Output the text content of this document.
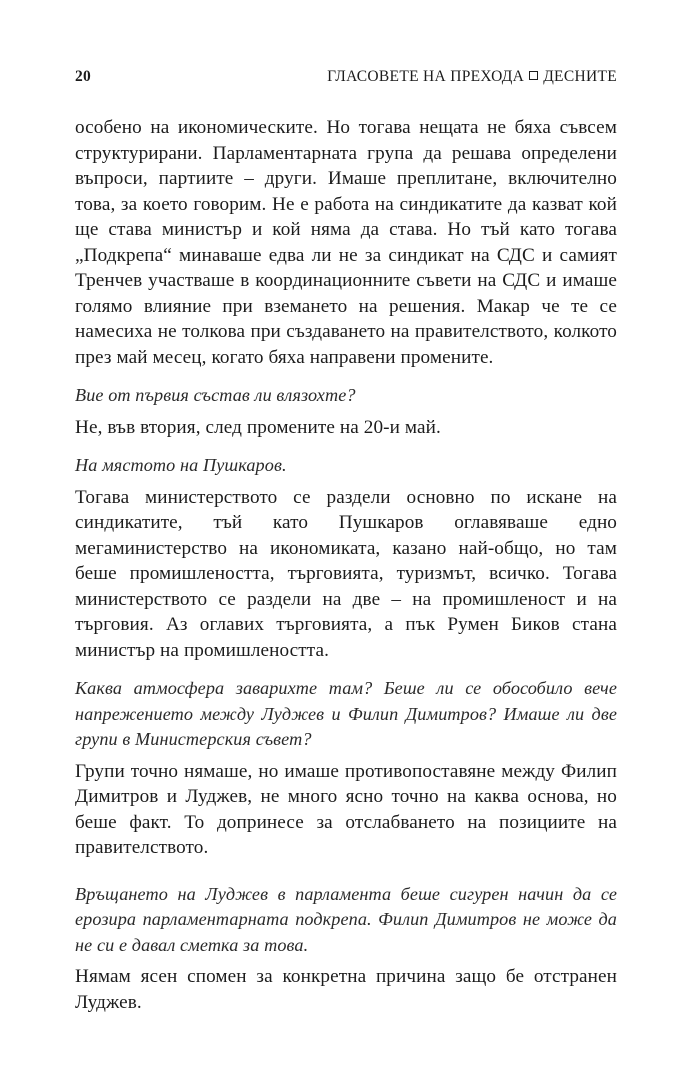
20	ГЛАСОВЕТЕ НА ПРЕХОДА ДЕСНИТЕ

особено на икономическите. Но тогава нещата не бяха съвсем структурирани. Парламентарната група да решава определени въпроси, партиите – други. Имаше преплитане, включително това, за което говорим. Не е работа на синдикатите да казват кой ще става министър и кой няма да става. Но тъй като тогава „Подкрепа“ минаваше едва ли не за синдикат на СДС и самият Тренчев участваше в координационните съвети на СДС и имаше голямо влияние при вземането на решения. Макар че те се намесиха не толкова при създаването на правителството, колкото през май месец, когато бяха направени промените.

Вие от първия състав ли влязохте?

Не, във втория, след промените на 20-и май.

На мястото на Пушкаров.

Тогава министерството се раздели основно по искане на синдикатите, тъй като Пушкаров оглавяваше едно мегаминистерство на икономиката, казано най-общо, но там беше промишлеността, търговията, туризмът, всичко. Тогава министерството се раздели на две – на промишленост и на търговия. Аз оглавих търговията, а пък Румен Биков стана министър на промишлеността.

Каква атмосфера заварихте там? Беше ли се обособило вече напрежението между Луджев и Филип Димитров? Имаше ли две групи в Министерския съвет?

Групи точно нямаше, но имаше противопоставяне между Филип Димитров и Луджев, не много ясно точно на каква основа, но беше факт. То допринесе за отслабването на позициите на правителството.

Връщането на Луджев в парламента беше сигурен начин да се ерозира парламентарната подкрепа. Филип Димитров не може да не си е давал сметка за това.

Нямам ясен спомен за конкретна причина защо бе отстранен Луджев.
